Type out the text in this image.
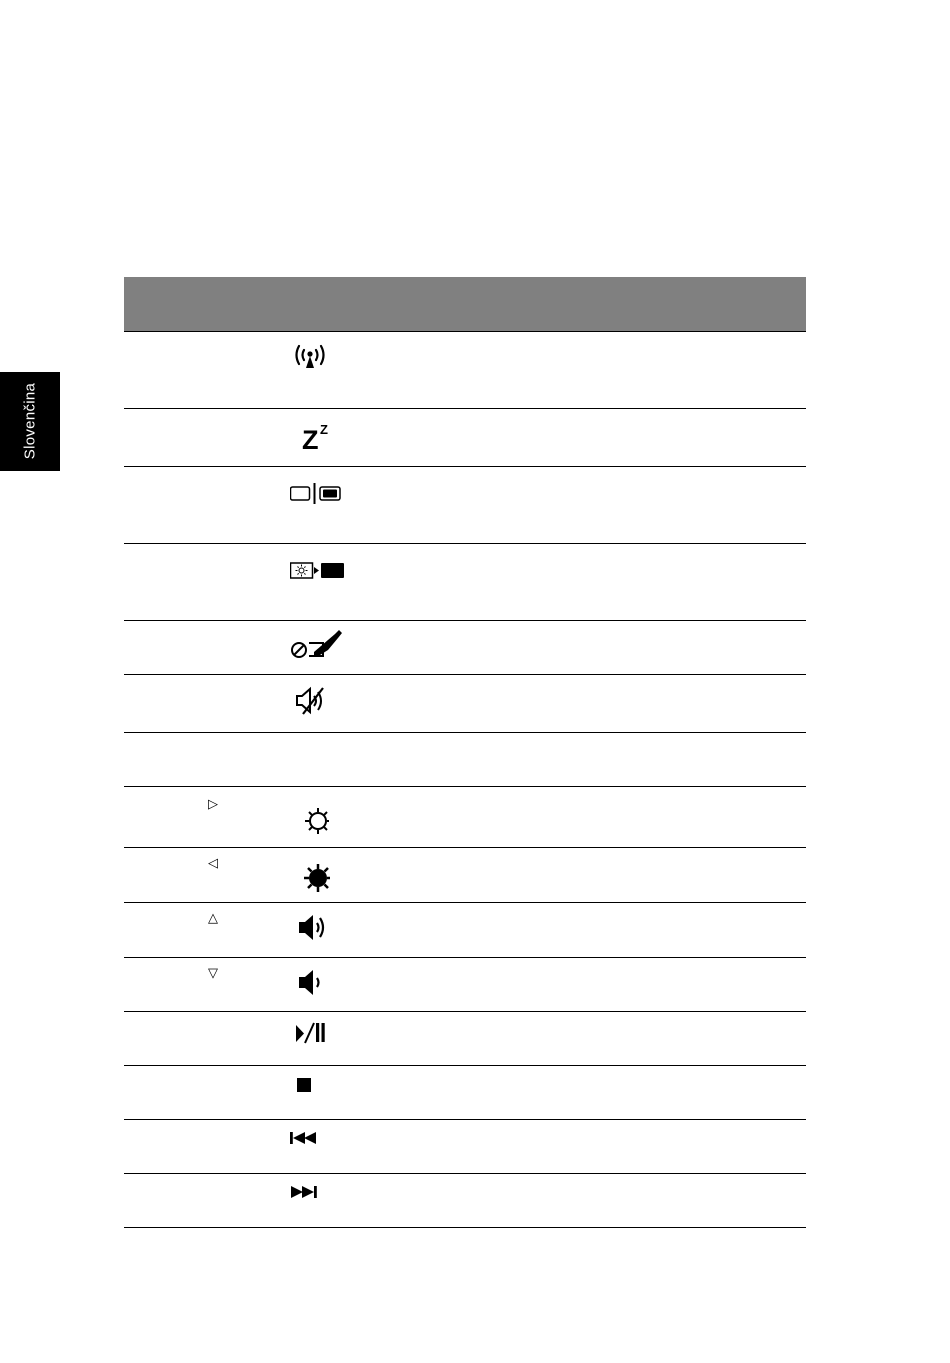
Slovenčina	Z Z
▷
◁
△
▽
